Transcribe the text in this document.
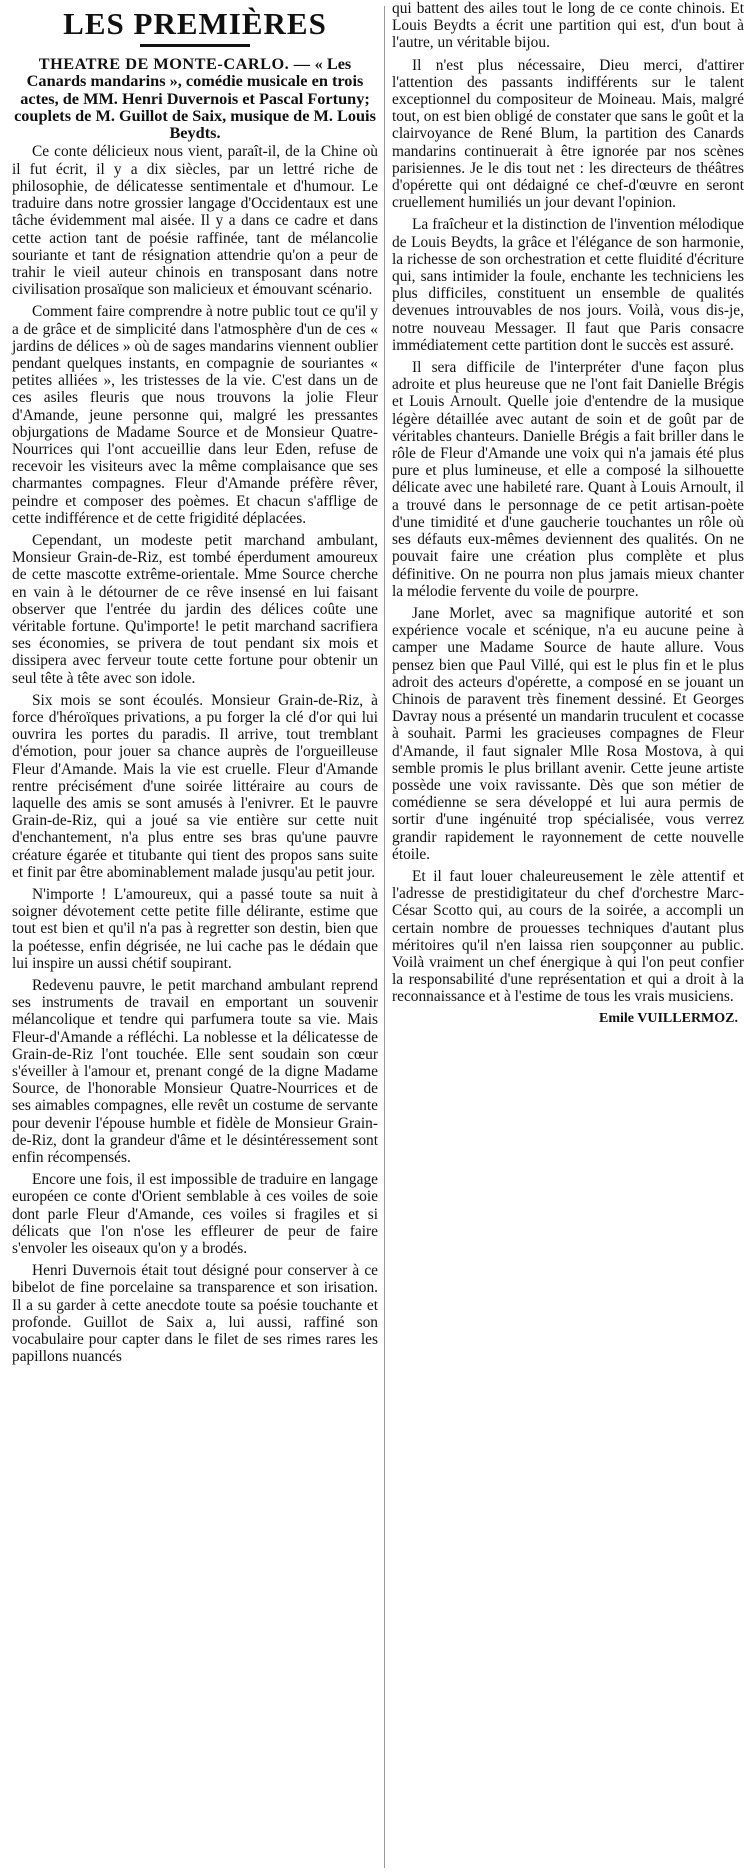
LES PREMIÈRES
THEATRE DE MONTE-CARLO. — « Les Canards mandarins », comédie musicale en trois actes, de MM. Henri Duvernois et Pascal Fortuny; couplets de M. Guillot de Saix, musique de M. Louis Beydts.

Ce conte délicieux nous vient, paraît-il, de la Chine où il fut écrit, il y a dix siècles, par un lettré riche de philosophie, de délicatesse sentimentale et d'humour. Le traduire dans notre grossier langage d'Occidentaux est une tâche évidemment mal aisée. Il y a dans ce cadre et dans cette action tant de poésie raffinée, tant de mélancolie souriante et tant de résignation attendrie qu'on a peur de trahir le vieil auteur chinois en transposant dans notre civilisation prosaïque son malicieux et émouvant scénario.

Comment faire comprendre à notre public tout ce qu'il y a de grâce et de simplicité dans l'atmosphère d'un de ces « jardins de délices » où de sages mandarins viennent oublier pendant quelques instants, en compagnie de souriantes « petites alliées », les tristesses de la vie. C'est dans un de ces asiles fleuris que nous trouvons la jolie Fleur d'Amande, jeune personne qui, malgré les pressantes objurgations de Madame Source et de Monsieur Quatre-Nourrices qui l'ont accueillie dans leur Eden, refuse de recevoir les visiteurs avec la même complaisance que ses charmantes compagnes. Fleur d'Amande préfère rêver, peindre et composer des poèmes. Et chacun s'afflige de cette indifférence et de cette frigidité déplacées.

Cependant, un modeste petit marchand ambulant, Monsieur Grain-de-Riz, est tombé éperdument amoureux de cette mascotte extrême-orientale. Mme Source cherche en vain à le détourner de ce rêve insensé en lui faisant observer que l'entrée du jardin des délices coûte une véritable fortune. Qu'importe! le petit marchand sacrifiera ses économies, se privera de tout pendant six mois et dissipera avec ferveur toute cette fortune pour obtenir un seul tête à tête avec son idole.

Six mois se sont écoulés. Monsieur Grain-de-Riz, à force d'héroïques privations, a pu forger la clé d'or qui lui ouvrira les portes du paradis. Il arrive, tout tremblant d'émotion, pour jouer sa chance auprès de l'orgueilleuse Fleur d'Amande. Mais la vie est cruelle. Fleur d'Amande rentre précisément d'une soirée littéraire au cours de laquelle des amis se sont amusés à l'enivrer. Et le pauvre Grain-de-Riz, qui a joué sa vie entière sur cette nuit d'enchantement, n'a plus entre ses bras qu'une pauvre créature égarée et titubante qui tient des propos sans suite et finit par être abominablement malade jusqu'au petit jour.

N'importe ! L'amoureux, qui a passé toute sa nuit à soigner dévotement cette petite fille délirante, estime que tout est bien et qu'il n'a pas à regretter son destin, bien que la poétesse, enfin dégrisée, ne lui cache pas le dédain que lui inspire un aussi chétif soupirant.

Redevenu pauvre, le petit marchand ambulant reprend ses instruments de travail en emportant un souvenir mélancolique et tendre qui parfumera toute sa vie. Mais Fleur-d'Amande a réfléchi. La noblesse et la délicatesse de Grain-de-Riz l'ont touchée. Elle sent soudain son cœur s'éveiller à l'amour et, prenant congé de la digne Madame Source, de l'honorable Monsieur Quatre-Nourrices et de ses aimables compagnes, elle revêt un costume de servante pour devenir l'épouse humble et fidèle de Monsieur Grain-de-Riz, dont la grandeur d'âme et le désintéressement sont enfin récompensés.

Encore une fois, il est impossible de traduire en langage européen ce conte d'Orient semblable à ces voiles de soie dont parle Fleur d'Amande, ces voiles si fragiles et si délicats que l'on n'ose les effleurer de peur de faire s'envoler les oiseaux qu'on y a brodés.

Henri Duvernois était tout désigné pour conserver à ce bibelot de fine porcelaine sa transparence et son irisation. Il a su garder à cette anecdote toute sa poésie touchante et profonde. Guillot de Saix a, lui aussi, raffiné son vocabulaire pour capter dans le filet de ses rimes rares les papillons nuancés

qui battent des ailes tout le long de ce conte chinois. Et Louis Beydts a écrit une partition qui est, d'un bout à l'autre, un véritable bijou.

Il n'est plus nécessaire, Dieu merci, d'attirer l'attention des passants indifférents sur le talent exceptionnel du compositeur de Moineau. Mais, malgré tout, on est bien obligé de constater que sans le goût et la clairvoyance de René Blum, la partition des Canards mandarins continuerait à être ignorée par nos scènes parisiennes. Je le dis tout net : les directeurs de théâtres d'opérette qui ont dédaigné ce chef-d'œuvre en seront cruellement humiliés un jour devant l'opinion.

La fraîcheur et la distinction de l'invention mélodique de Louis Beydts, la grâce et l'élégance de son harmonie, la richesse de son orchestration et cette fluidité d'écriture qui, sans intimider la foule, enchante les techniciens les plus difficiles, constituent un ensemble de qualités devenues introuvables de nos jours. Voilà, vous dis-je, notre nouveau Messager. Il faut que Paris consacre immédiatement cette partition dont le succès est assuré.

Il sera difficile de l'interpréter d'une façon plus adroite et plus heureuse que ne l'ont fait Danielle Brégis et Louis Arnoult. Quelle joie d'entendre de la musique légère détaillée avec autant de soin et de goût par de véritables chanteurs. Danielle Brégis a fait briller dans le rôle de Fleur d'Amande une voix qui n'a jamais été plus pure et plus lumineuse, et elle a composé la silhouette délicate avec une habileté rare. Quant à Louis Arnoult, il a trouvé dans le personnage de ce petit artisan-poète d'une timidité et d'une gaucherie touchantes un rôle où ses défauts eux-mêmes deviennent des qualités. On ne pouvait faire une création plus complète et plus définitive. On ne pourra non plus jamais mieux chanter la mélodie fervente du voile de pourpre.

Jane Morlet, avec sa magnifique autorité et son expérience vocale et scénique, n'a eu aucune peine à camper une Madame Source de haute allure. Vous pensez bien que Paul Villé, qui est le plus fin et le plus adroit des acteurs d'opérette, a composé en se jouant un Chinois de paravent très finement dessiné. Et Georges Davray nous a présenté un mandarin truculent et cocasse à souhait. Parmi les gracieuses compagnes de Fleur d'Amande, il faut signaler Mlle Rosa Mostova, à qui semble promis le plus brillant avenir. Cette jeune artiste possède une voix ravissante. Dès que son métier de comédienne se sera développé et lui aura permis de sortir d'une ingénuité trop spécialisée, vous verrez grandir rapidement le rayonnement de cette nouvelle étoile.

Et il faut louer chaleureusement le zèle attentif et l'adresse de prestidigitateur du chef d'orchestre Marc-César Scotto qui, au cours de la soirée, a accompli un certain nombre de prouesses techniques d'autant plus méritoires qu'il n'en laissa rien soupçonner au public. Voilà vraiment un chef énergique à qui l'on peut confier la responsabilité d'une représentation et qui a droit à la reconnaissance et à l'estime de tous les vrais musiciens.

Emile VUILLERMOZ.
